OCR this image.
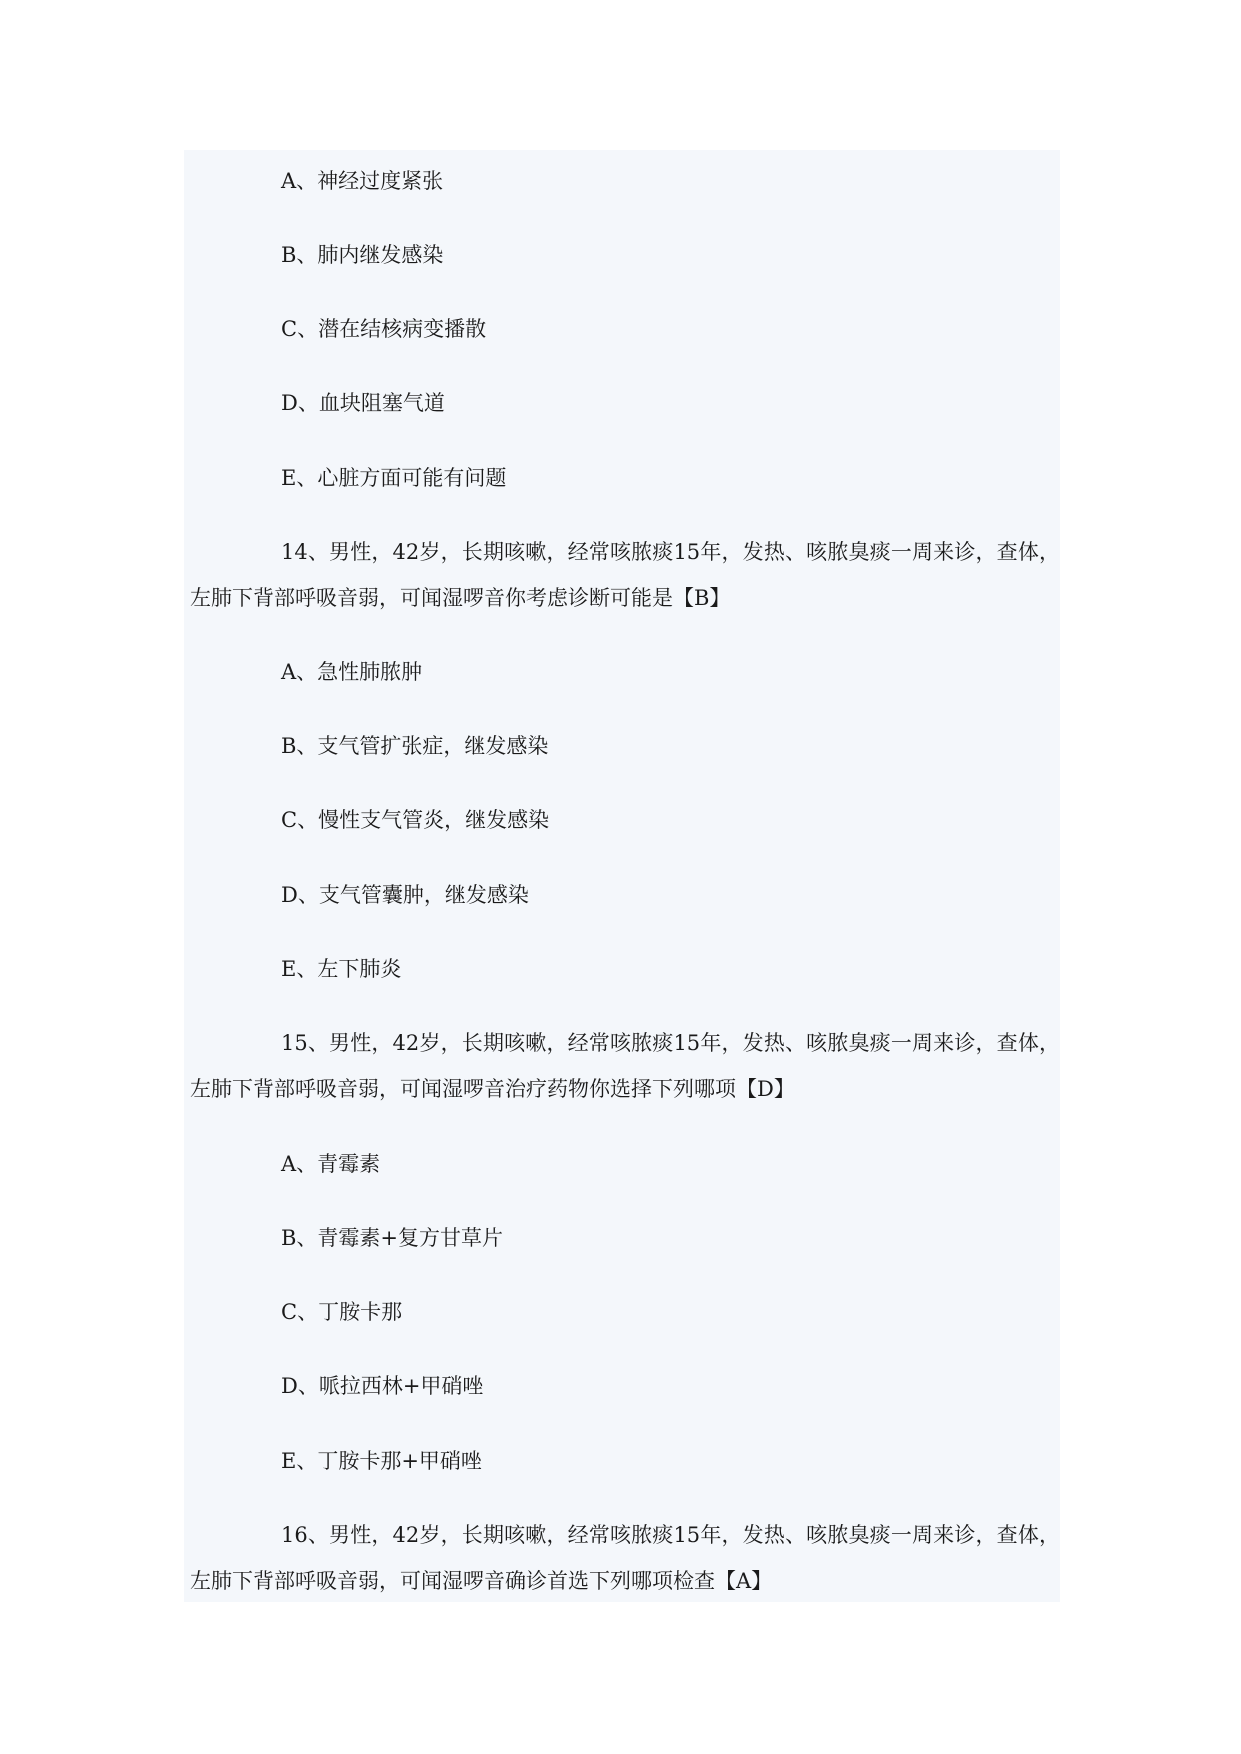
A、神经过度紧张
B、肺内继发感染
C、潜在结核病变播散
D、血块阻塞气道
E、心脏方面可能有问题
14、男性，42岁，长期咳嗽，经常咳脓痰15年，发热、咳脓臭痰一周来诊，查体，
左肺下背部呼吸音弱，可闻湿啰音你考虑诊断可能是【B】
A、急性肺脓肿
B、支气管扩张症，继发感染
C、慢性支气管炎，继发感染
D、支气管囊肿，继发感染
E、左下肺炎
15、男性，42岁，长期咳嗽，经常咳脓痰15年，发热、咳脓臭痰一周来诊，查体，
左肺下背部呼吸音弱，可闻湿啰音治疗药物你选择下列哪项【D】
A、青霉素
B、青霉素+复方甘草片
C、丁胺卡那
D、哌拉西林+甲硝唑
E、丁胺卡那+甲硝唑
16、男性，42岁，长期咳嗽，经常咳脓痰15年，发热、咳脓臭痰一周来诊，查体，
左肺下背部呼吸音弱，可闻湿啰音确诊首选下列哪项检查【A】
